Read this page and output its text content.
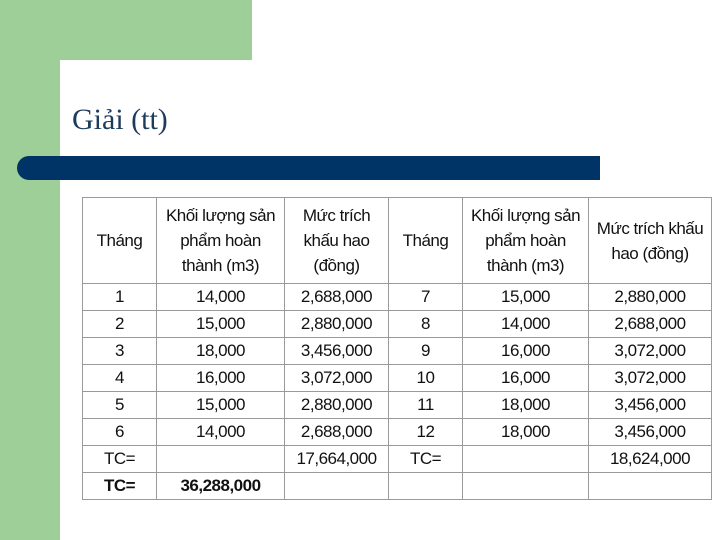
Giải (tt)
Tháng	Khối lượng sản phẩm hoàn thành (m3)	Mức trích khấu hao (đồng)	Tháng	Khối lượng sản phẩm hoàn thành (m3)	Mức trích khấu hao (đồng)
1	14,000	2,688,000	7	15,000	2,880,000
2	15,000	2,880,000	8	14,000	2,688,000
3	18,000	3,456,000	9	16,000	3,072,000
4	16,000	3,072,000	10	16,000	3,072,000
5	15,000	2,880,000	11	18,000	3,456,000
6	14,000	2,688,000	12	18,000	3,456,000
TC=		17,664,000	TC=		18,624,000
TC=	36,288,000				
